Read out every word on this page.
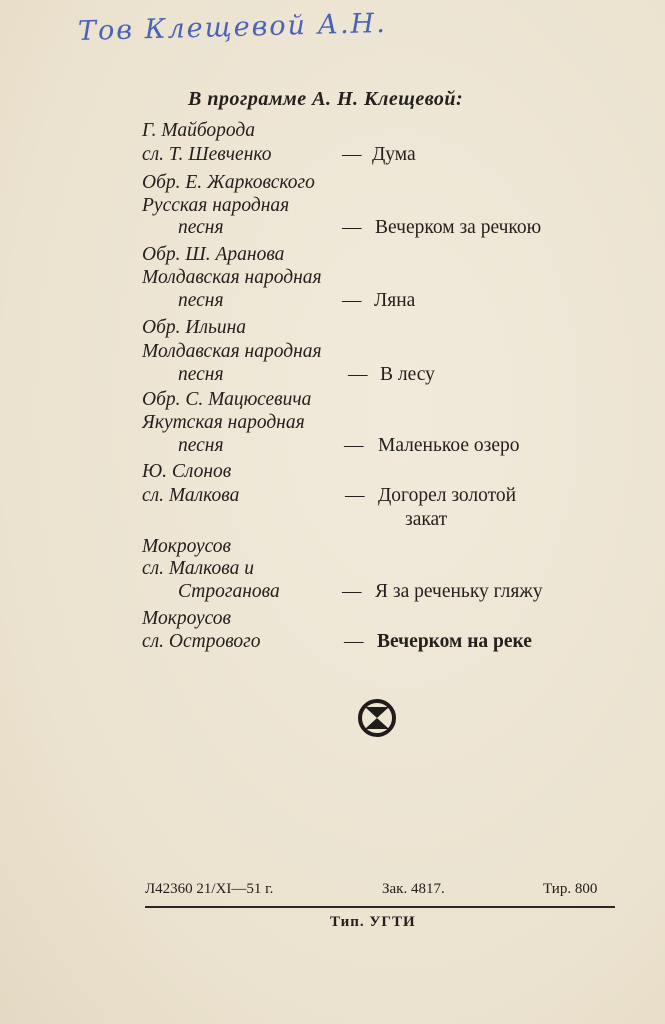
Тов Клещевой А.Н.
В программе А. Н. Клещевой:
Г. Майборода
сл. Т. Шевченко	— Дума
Обр. Е. Жарковского
Русская народная
песня	— Вечерком за речкою
Обр. Ш. Аранова
Молдавская народная
песня	— Ляна
Обр. Ильина
Молдавская народная
песня	— В лесу
Обр. С. Мацюсевича
Якутская народная
песня	— Маленькое озеро
Ю. Слонов
сл. Малкова	— Догорел золотой
закат
Мокроусов
сл. Малкова и
Строганова	— Я за реченьку гляжу
Мокроусов
сл. Острового	— Вечерком на реке
Л42360 21/XI—51 г.	Зак. 4817.	Тир. 800
Тип. УГТИ
